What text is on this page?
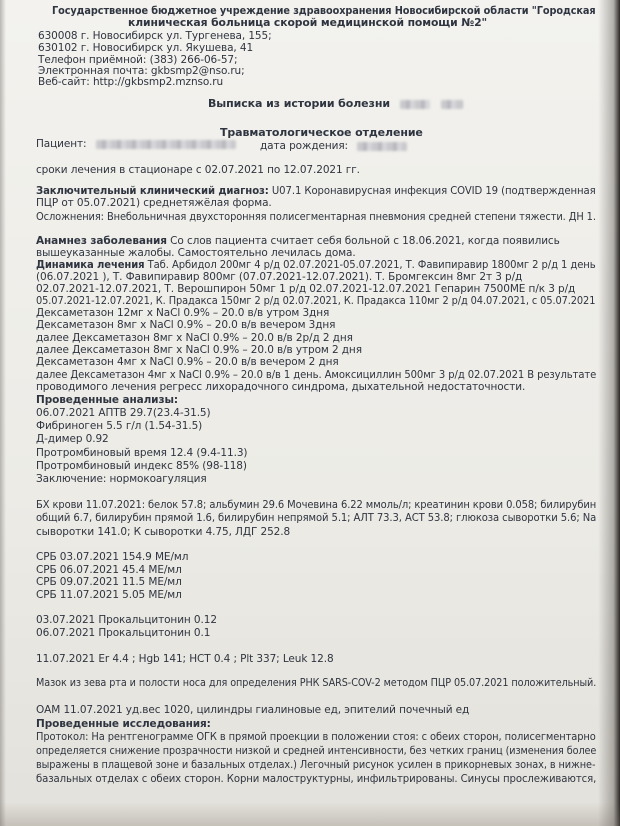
Государственное бюджетное учреждение здравоохранения Новосибирской области "Городская
клиническая больница скорой медицинской помощи №2"
630008 г. Новосибирск ул. Тургенева, 155;
630102 г. Новосибирск ул. Якушева, 41
Телефон приёмной: (383) 266-06-57;
Электронная почта: gkbsmp2@nso.ru;
Веб-сайт: http://gkbsmp2.mznso.ru
Выписка из истории болезни
Травматологическое отделение
Пациент:	дата рождения:
сроки лечения в стационаре с 02.07.2021 по 12.07.2021 гг.
Заключительный клинический диагноз: U07.1 Коронавирусная инфекция COVID 19 (подтвержденная
ПЦР от 05.07.2021) среднетяжёлая форма.
Осложнения: Внебольничная двухсторонняя полисегментарная пневмония средней степени тяжести. ДН 1.
Анамнез заболевания Со слов пациента считает себя больной с 18.06.2021, когда появились
вышеуказанные жалобы. Самостоятельно лечилась дома.
Динамика лечения Таб. Арбидол 200мг 4 р/д 02.07.2021-05.07.2021, Т. Фавипиравир 1800мг 2 р/д 1 день
(06.07.2021 ), Т. Фавипиравир 800мг (07.07.2021-12.07.2021). Т. Бромгексин 8мг 2т 3 р/д
02.07.2021-12.07.2021, Т. Верошпирон 50мг 1 р/д 02.07.2021-12.07.2021 Гепарин 7500МЕ п/к 3 р/д
05.07.2021-12.07.2021, К. Прадакса 150мг 2 р/д 02.07.2021, К. Прадакса 110мг 2 р/д 04.07.2021, с 05.07.2021
Дексаметазон 12мг х NaCl 0.9% – 20.0 в/в утром 3дня
Дексаметазон 8мг х NaCl 0.9% – 20.0 в/в вечером 3дня
далее Дексаметазон 8мг х NaCl 0.9% – 20.0 в/в 2р/д 2 дня
далее Дексаметазон 8мг х NaCl 0.9% – 20.0 в/в утром 2 дня
Дексаметазон 4мг х NaCl 0.9% – 20.0 в/в вечером 2 дня
далее Дексаметазон 4мг х NaCl 0.9% – 20.0 в/в 1 день. Амоксициллин 500мг 3 р/д 02.07.2021 В результате
проводимого лечения регресс лихорадочного синдрома, дыхательной недостаточности.
Проведенные анализы:
06.07.2021 АПТВ 29.7(23.4-31.5)
Фибриноген 5.5 г/л (1.54-31.5)
Д-димер 0.92
Протромбиновый время 12.4 (9.4-11.3)
Протромбиновый индекс 85% (98-118)
Заключение: нормокоагуляция
БХ крови 11.07.2021: белок 57.8; альбумин 29.6 Мочевина 6.22 ммоль/л; креатинин крови 0.058; билирубин
общий 6.7, билирубин прямой 1.6, билирубин непрямой 5.1; АЛТ 73.3, АСТ 53.8; глюкоза сыворотки 5.6; Na
сыворотки 141.0; К сыворотки 4.75, ЛДГ 252.8
СРБ 03.07.2021 154.9 МЕ/мл
СРБ 06.07.2021 45.4 МЕ/мл
СРБ 09.07.2021 11.5 МЕ/мл
СРБ 11.07.2021 5.05 МЕ/мл
03.07.2021 Прокальцитонин 0.12
06.07.2021 Прокальцитонин 0.1
11.07.2021 Er 4.4 ; Hgb 141; HCT 0.4 ; Plt 337; Leuk 12.8
Мазок из зева рта и полости носа для определения РНК SARS-COV-2 методом ПЦР 05.07.2021 положительный.
ОАМ 11.07.2021 уд.вес 1020, цилиндры гиалиновые ед, эпителий почечный ед
Проведенные исследования:
Протокол: На рентгенограмме ОГК в прямой проекции в положении стоя: с обеих сторон, полисегментарно
определяется снижение прозрачности низкой и средней интенсивности, без четких границ (изменения более
выражены в плащевой зоне и базальных отделах.) Легочный рисунок усилен в прикорневых зонах, в нижне-
базальных отделах с обеих сторон. Корни малоструктурны, инфильтрированы. Синусы прослеживаются,
